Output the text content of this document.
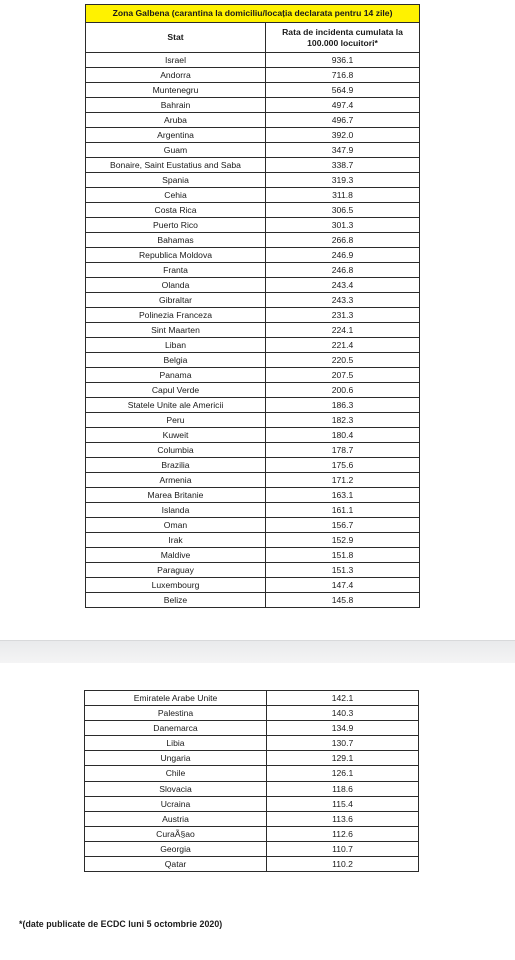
Zona Galbena (carantina la domiciliu/locația declarata pentru 14 zile)	
Stat	Rata de incidenta cumulata la
100.000 locuitori*

Israel	936.1
Andorra	716.8
Muntenegru	564.9
Bahrain	497.4
Aruba	496.7
Argentina	392.0
Guam	347.9
Bonaire, Saint Eustatius and Saba	338.7
Spania	319.3
Cehia	311.8
Costa Rica	306.5
Puerto Rico	301.3
Bahamas	266.8
Republica Moldova	246.9
Franta	246.8
Olanda	243.4
Gibraltar	243.3
Polinezia Franceza	231.3
Sint Maarten	224.1
Liban	221.4
Belgia	220.5
Panama	207.5
Capul Verde	200.6
Statele Unite ale Americii	186.3
Peru	182.3
Kuweit	180.4
Columbia	178.7
Brazilia	175.6
Armenia	171.2
Marea Britanie	163.1
Islanda	161.1
Oman	156.7
Irak	152.9
Maldive	151.8
Paraguay	151.3
Luxembourg	147.4
Belize	145.8
Emiratele Arabe Unite	142.1
Palestina	140.3
Danemarca	134.9
Libia	130.7
Ungaria	129.1
Chile	126.1
Slovacia	118.6
Ucraina	115.4
Austria	113.6
CuraÃ§ao	112.6
Georgia	110.7
Qatar	110.2
*(date publicate de ECDC luni 5 octombrie 2020)
